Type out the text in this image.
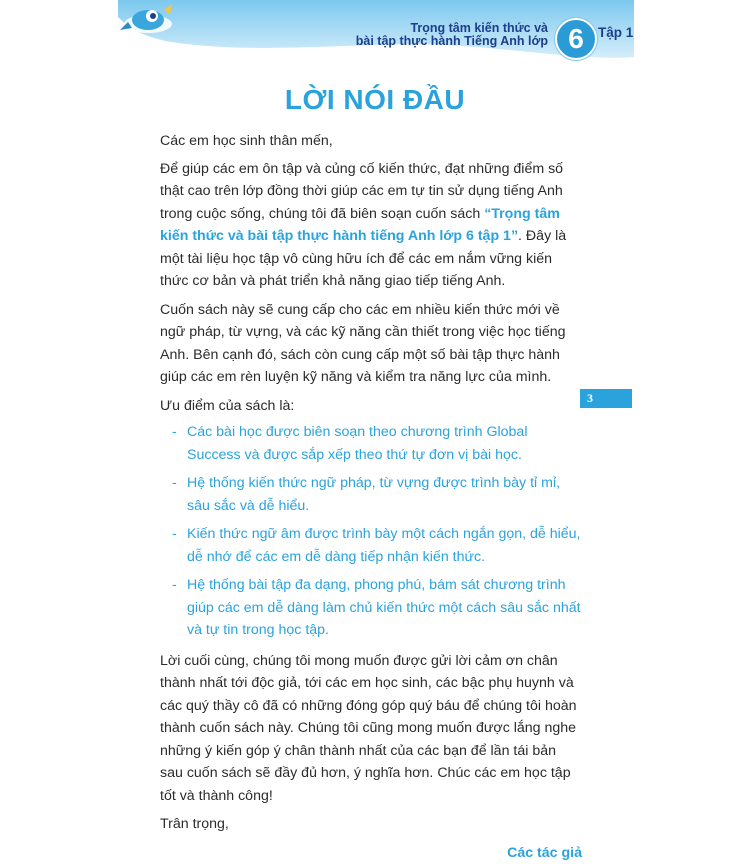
Trọng tâm kiến thức và
bài tập thực hành Tiếng Anh lớp 6	Tập 1
LỜI NÓI ĐẦU

Các em học sinh thân mến,

Để giúp các em ôn tập và củng cố kiến thức, đạt những điểm số thật cao trên lớp đồng thời giúp các em tự tin sử dụng tiếng Anh trong cuộc sống, chúng tôi đã biên soạn cuốn sách “Trọng tâm kiến thức và bài tập thực hành tiếng Anh lớp 6 tập 1”. Đây là một tài liệu học tập vô cùng hữu ích để các em nắm vững kiến thức cơ bản và phát triển khả năng giao tiếp tiếng Anh.

Cuốn sách này sẽ cung cấp cho các em nhiều kiến thức mới về ngữ pháp, từ vựng, và các kỹ năng cần thiết trong việc học tiếng Anh. Bên cạnh đó, sách còn cung cấp một số bài tập thực hành giúp các em rèn luyện kỹ năng và kiểm tra năng lực của mình.

Ưu điểm của sách là:

- Các bài học được biên soạn theo chương trình Global Success và được sắp xếp theo thứ tự đơn vị bài học.
- Hệ thống kiến thức ngữ pháp, từ vựng được trình bày tỉ mỉ, sâu sắc và dễ hiểu.
- Kiến thức ngữ âm được trình bày một cách ngắn gọn, dễ hiểu, dễ nhớ để các em dễ dàng tiếp nhận kiến thức.
- Hệ thống bài tập đa dạng, phong phú, bám sát chương trình giúp các em dễ dàng làm chủ kiến thức một cách sâu sắc nhất và tự tin trong học tập.

Lời cuối cùng, chúng tôi mong muốn được gửi lời cảm ơn chân thành nhất tới độc giả, tới các em học sinh, các bậc phụ huynh và các quý thầy cô đã có những đóng góp quý báu để chúng tôi hoàn thành cuốn sách này. Chúng tôi cũng mong muốn được lắng nghe những ý kiến góp ý chân thành nhất của các bạn để lần tái bản sau cuốn sách sẽ đầy đủ hơn, ý nghĩa hơn. Chúc các em học tập tốt và thành công!

Trân trọng,

Các tác giả
3
